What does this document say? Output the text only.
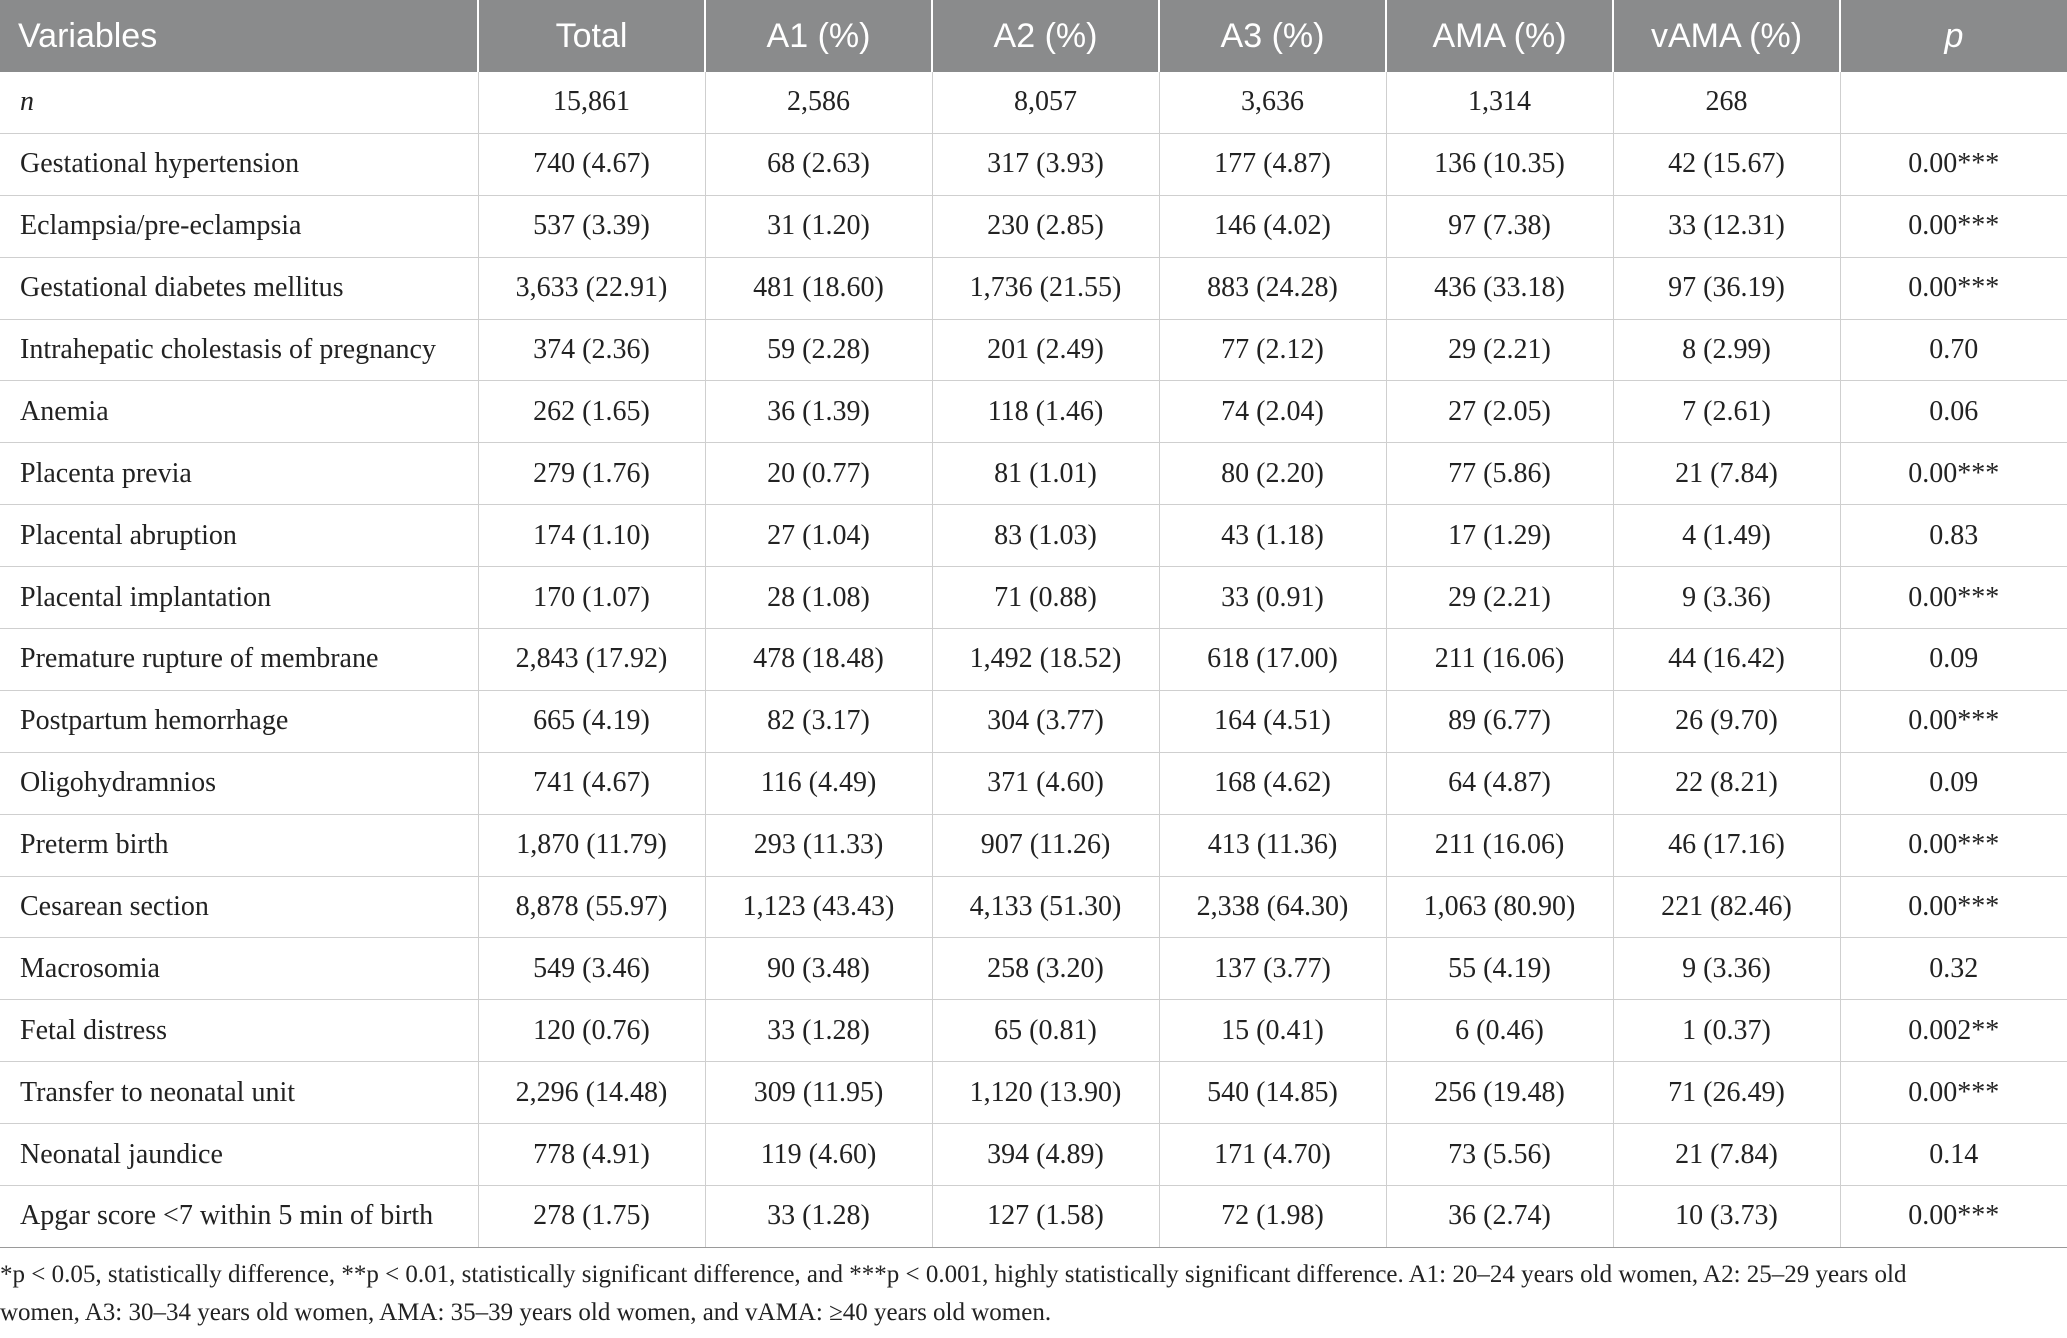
Variables	Total	A1 (%)	A2 (%)	A3 (%)	AMA (%)	vAMA (%)	p
n	15,861	2,586	8,057	3,636	1,314	268	
Gestational hypertension	740 (4.67)	68 (2.63)	317 (3.93)	177 (4.87)	136 (10.35)	42 (15.67)	0.00***
Eclampsia/pre-eclampsia	537 (3.39)	31 (1.20)	230 (2.85)	146 (4.02)	97 (7.38)	33 (12.31)	0.00***
Gestational diabetes mellitus	3,633 (22.91)	481 (18.60)	1,736 (21.55)	883 (24.28)	436 (33.18)	97 (36.19)	0.00***
Intrahepatic cholestasis of pregnancy	374 (2.36)	59 (2.28)	201 (2.49)	77 (2.12)	29 (2.21)	8 (2.99)	0.70
Anemia	262 (1.65)	36 (1.39)	118 (1.46)	74 (2.04)	27 (2.05)	7 (2.61)	0.06
Placenta previa	279 (1.76)	20 (0.77)	81 (1.01)	80 (2.20)	77 (5.86)	21 (7.84)	0.00***
Placental abruption	174 (1.10)	27 (1.04)	83 (1.03)	43 (1.18)	17 (1.29)	4 (1.49)	0.83
Placental implantation	170 (1.07)	28 (1.08)	71 (0.88)	33 (0.91)	29 (2.21)	9 (3.36)	0.00***
Premature rupture of membrane	2,843 (17.92)	478 (18.48)	1,492 (18.52)	618 (17.00)	211 (16.06)	44 (16.42)	0.09
Postpartum hemorrhage	665 (4.19)	82 (3.17)	304 (3.77)	164 (4.51)	89 (6.77)	26 (9.70)	0.00***
Oligohydramnios	741 (4.67)	116 (4.49)	371 (4.60)	168 (4.62)	64 (4.87)	22 (8.21)	0.09
Preterm birth	1,870 (11.79)	293 (11.33)	907 (11.26)	413 (11.36)	211 (16.06)	46 (17.16)	0.00***
Cesarean section	8,878 (55.97)	1,123 (43.43)	4,133 (51.30)	2,338 (64.30)	1,063 (80.90)	221 (82.46)	0.00***
Macrosomia	549 (3.46)	90 (3.48)	258 (3.20)	137 (3.77)	55 (4.19)	9 (3.36)	0.32
Fetal distress	120 (0.76)	33 (1.28)	65 (0.81)	15 (0.41)	6 (0.46)	1 (0.37)	0.002**
Transfer to neonatal unit	2,296 (14.48)	309 (11.95)	1,120 (13.90)	540 (14.85)	256 (19.48)	71 (26.49)	0.00***
Neonatal jaundice	778 (4.91)	119 (4.60)	394 (4.89)	171 (4.70)	73 (5.56)	21 (7.84)	0.14
Apgar score <7 within 5 min of birth	278 (1.75)	33 (1.28)	127 (1.58)	72 (1.98)	36 (2.74)	10 (3.73)	0.00***
*p < 0.05, statistically difference, **p < 0.01, statistically significant difference, and ***p < 0.001, highly statistically significant difference. A1: 20–24 years old women, A2: 25–29 years old
women, A3: 30–34 years old women, AMA: 35–39 years old women, and vAMA: ≥40 years old women.
